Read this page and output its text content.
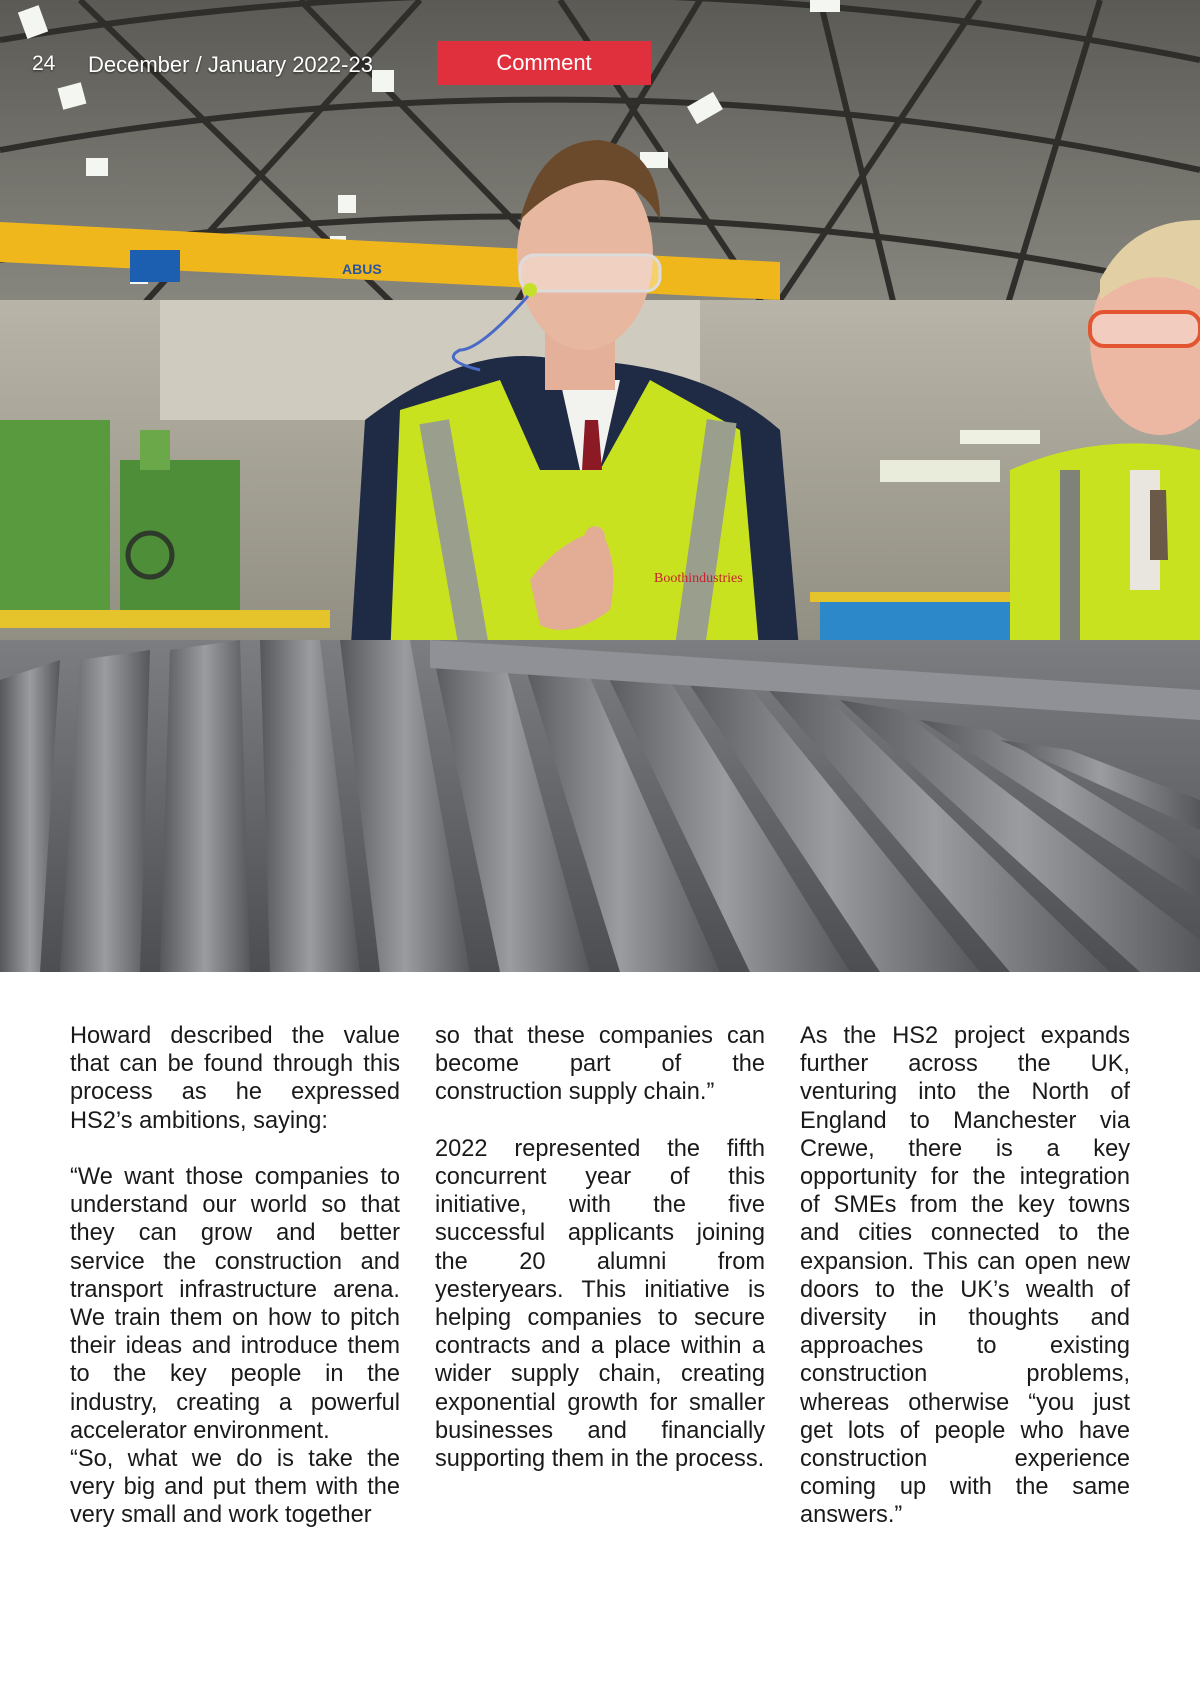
ABUS
Boothindustries
24 December / January 2022-23	Comment

Howard described the value that can be found through this process as he expressed HS2’s ambitions, saying:

“We want those companies to understand our world so that they can grow and better service the construction and transport infrastructure arena. We train them on how to pitch their ideas and introduce them to the key people in the industry, creating a powerful accelerator environment.

“So, what we do is take the very big and put them with the very small and work together

so that these companies can become part of the construction supply chain.”

2022 represented the fifth concurrent year of this initiative, with the five successful applicants joining the 20 alumni from yesteryears. This initiative is helping companies to secure contracts and a place within a wider supply chain, creating exponential growth for smaller businesses and financially supporting them in the process.

As the HS2 project expands further across the UK, venturing into the North of England to Manchester via Crewe, there is a key opportunity for the integration of SMEs from the key towns and cities connected to the expansion. This can open new doors to the UK’s wealth of diversity in thoughts and approaches to existing construction problems, whereas otherwise “you just get lots of people who have construction experience coming up with the same answers.”
